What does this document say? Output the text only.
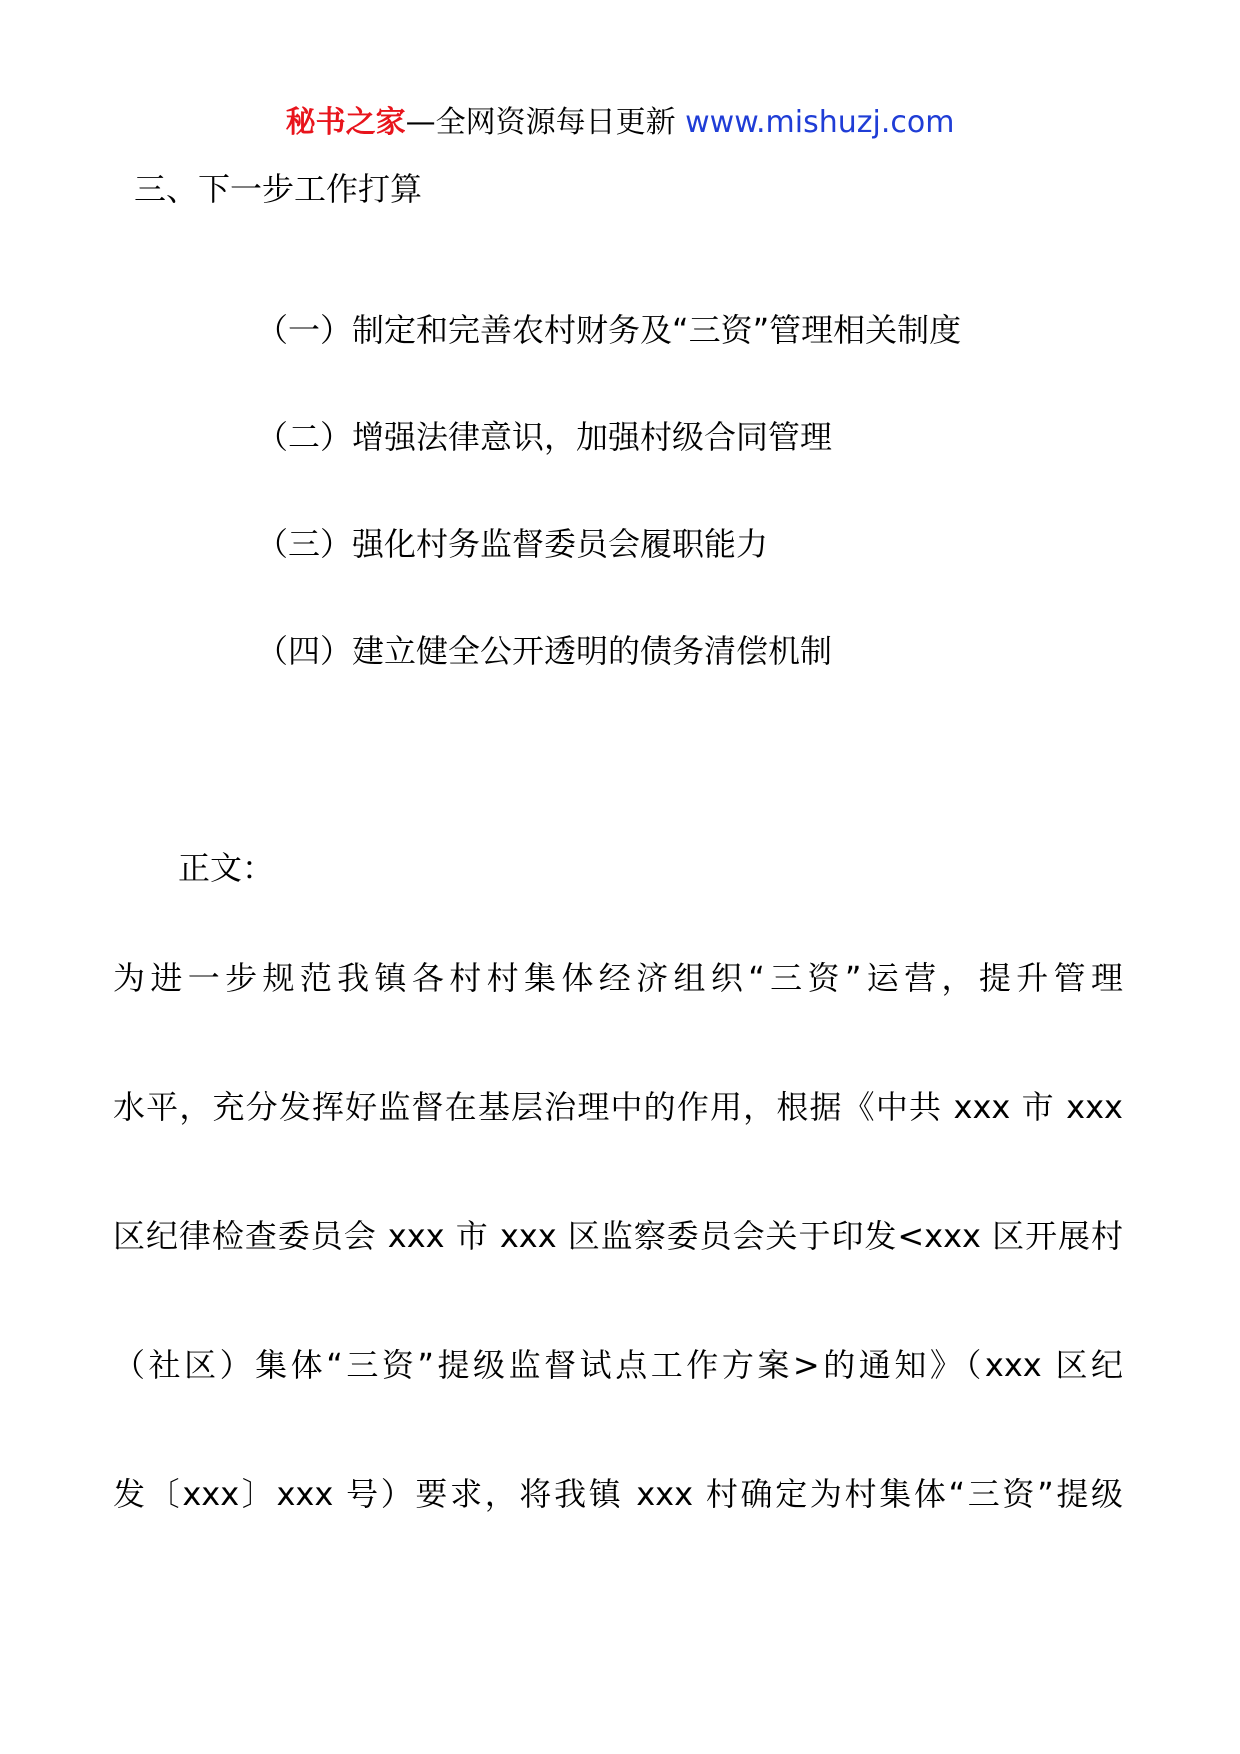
秘书之家—全网资源每日更新 www.mishuzj.com
三、下一步工作打算
（一）制定和完善农村财务及“三资”管理相关制度
（二）增强法律意识，加强村级合同管理
（三）强化村务监督委员会履职能力
（四）建立健全公开透明的债务清偿机制
正文：
为进一步规范我镇各村村集体经济组织“三资”运营，提升管理
水平，充分发挥好监督在基层治理中的作用，根据《中共 xxx 市 xxx
区纪律检查委员会 xxx 市 xxx 区监察委员会关于印发<xxx 区开展村
（社区）集体“三资”提级监督试点工作方案>的通知》（xxx 区纪
发〔xxx〕xxx 号）要求，将我镇 xxx 村确定为村集体“三资”提级
